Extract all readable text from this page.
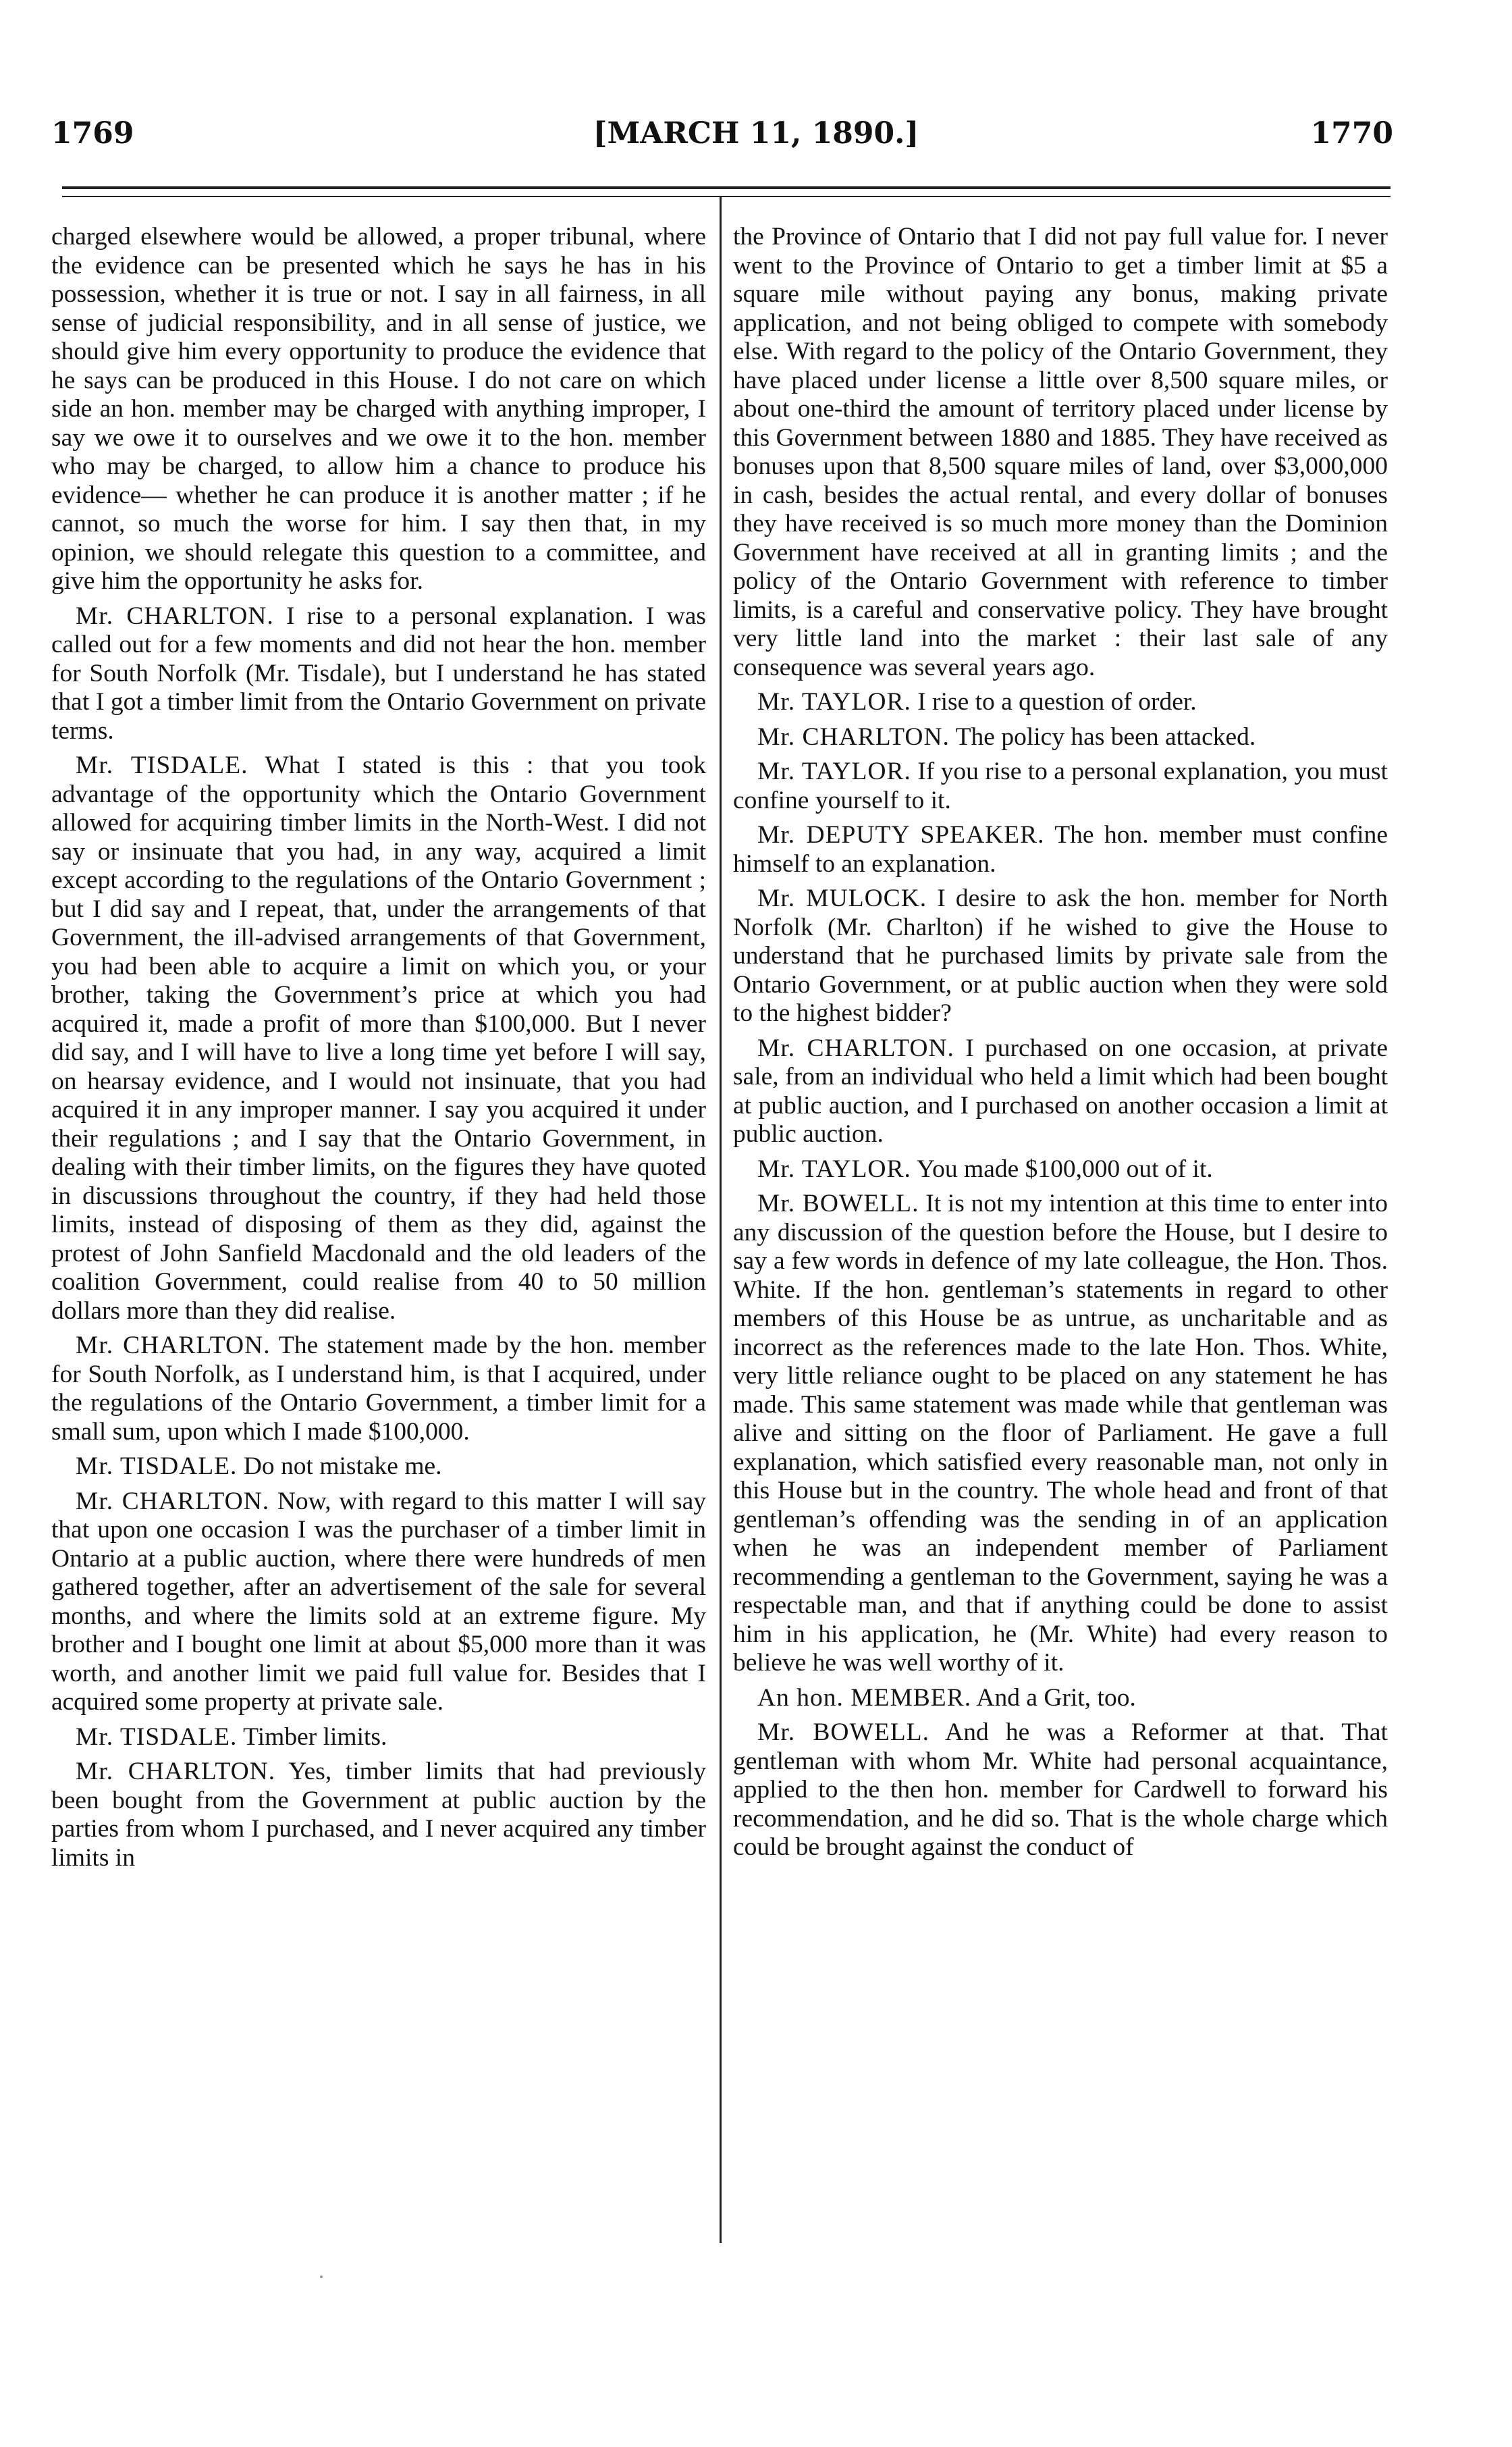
[MARCH 11, 1890.]
1769	1770

charged elsewhere would be allowed, a proper tribunal, where the evidence can be presented which he says he has in his possession, whether it is true or not. I say in all fairness, in all sense of judicial responsibility, and in all sense of justice, we should give him every opportunity to produce the evidence that he says can be produced in this House. I do not care on which side an hon. member may be charged with anything improper, I say we owe it to ourselves and we owe it to the hon. member who may be charged, to allow him a chance to produce his evidence— whether he can produce it is another matter ; if he cannot, so much the worse for him. I say then that, in my opinion, we should relegate this question to a committee, and give him the opportunity he asks for.

Mr. CHARLTON. I rise to a personal explanation. I was called out for a few moments and did not hear the hon. member for South Norfolk (Mr. Tisdale), but I understand he has stated that I got a timber limit from the Ontario Government on private terms.

Mr. TISDALE. What I stated is this : that you took advantage of the opportunity which the Ontario Government allowed for acquiring timber limits in the North-West. I did not say or insinuate that you had, in any way, acquired a limit except according to the regulations of the Ontario Government ; but I did say and I repeat, that, under the arrangements of that Government, the ill-advised arrangements of that Government, you had been able to acquire a limit on which you, or your brother, taking the Government’s price at which you had acquired it, made a profit of more than $100,000. But I never did say, and I will have to live a long time yet before I will say, on hearsay evidence, and I would not insinuate, that you had acquired it in any improper manner. I say you acquired it under their regulations ; and I say that the Ontario Government, in dealing with their timber limits, on the figures they have quoted in discussions throughout the country, if they had held those limits, instead of disposing of them as they did, against the protest of John Sanfield Macdonald and the old leaders of the coalition Government, could realise from 40 to 50 million dollars more than they did realise.

Mr. CHARLTON. The statement made by the hon. member for South Norfolk, as I understand him, is that I acquired, under the regulations of the Ontario Government, a timber limit for a small sum, upon which I made $100,000.

Mr. TISDALE. Do not mistake me.

Mr. CHARLTON. Now, with regard to this matter I will say that upon one occasion I was the purchaser of a timber limit in Ontario at a public auction, where there were hundreds of men gathered together, after an advertisement of the sale for several months, and where the limits sold at an extreme figure. My brother and I bought one limit at about $5,000 more than it was worth, and another limit we paid full value for. Besides that I acquired some property at private sale.

Mr. TISDALE. Timber limits.

Mr. CHARLTON. Yes, timber limits that had previously been bought from the Government at public auction by the parties from whom I purchased, and I never acquired any timber limits in

the Province of Ontario that I did not pay full value for. I never went to the Province of Ontario to get a timber limit at $5 a square mile without paying any bonus, making private application, and not being obliged to compete with somebody else. With regard to the policy of the Ontario Government, they have placed under license a little over 8,500 square miles, or about one-third the amount of territory placed under license by this Government between 1880 and 1885. They have received as bonuses upon that 8,500 square miles of land, over $3,000,000 in cash, besides the actual rental, and every dollar of bonuses they have received is so much more money than the Dominion Government have received at all in granting limits ; and the policy of the Ontario Government with reference to timber limits, is a careful and conservative policy. They have brought very little land into the market : their last sale of any consequence was several years ago.

Mr. TAYLOR. I rise to a question of order.

Mr. CHARLTON. The policy has been attacked.

Mr. TAYLOR. If you rise to a personal explanation, you must confine yourself to it.

Mr. DEPUTY SPEAKER. The hon. member must confine himself to an explanation.

Mr. MULOCK. I desire to ask the hon. member for North Norfolk (Mr. Charlton) if he wished to give the House to understand that he purchased limits by private sale from the Ontario Government, or at public auction when they were sold to the highest bidder?

Mr. CHARLTON. I purchased on one occasion, at private sale, from an individual who held a limit which had been bought at public auction, and I purchased on another occasion a limit at public auction.

Mr. TAYLOR. You made $100,000 out of it.

Mr. BOWELL. It is not my intention at this time to enter into any discussion of the question before the House, but I desire to say a few words in defence of my late colleague, the Hon. Thos. White. If the hon. gentleman’s statements in regard to other members of this House be as untrue, as uncharitable and as incorrect as the references made to the late Hon. Thos. White, very little reliance ought to be placed on any statement he has made. This same statement was made while that gentleman was alive and sitting on the floor of Parliament. He gave a full explanation, which satisfied every reasonable man, not only in this House but in the country. The whole head and front of that gentleman’s offending was the sending in of an application when he was an independent member of Parliament recommending a gentleman to the Government, saying he was a respectable man, and that if anything could be done to assist him in his application, he (Mr. White) had every reason to believe he was well worthy of it.

An hon. MEMBER. And a Grit, too.

Mr. BOWELL. And he was a Reformer at that. That gentleman with whom Mr. White had personal acquaintance, applied to the then hon. member for Cardwell to forward his recommendation, and he did so. That is the whole charge which could be brought against the conduct of
